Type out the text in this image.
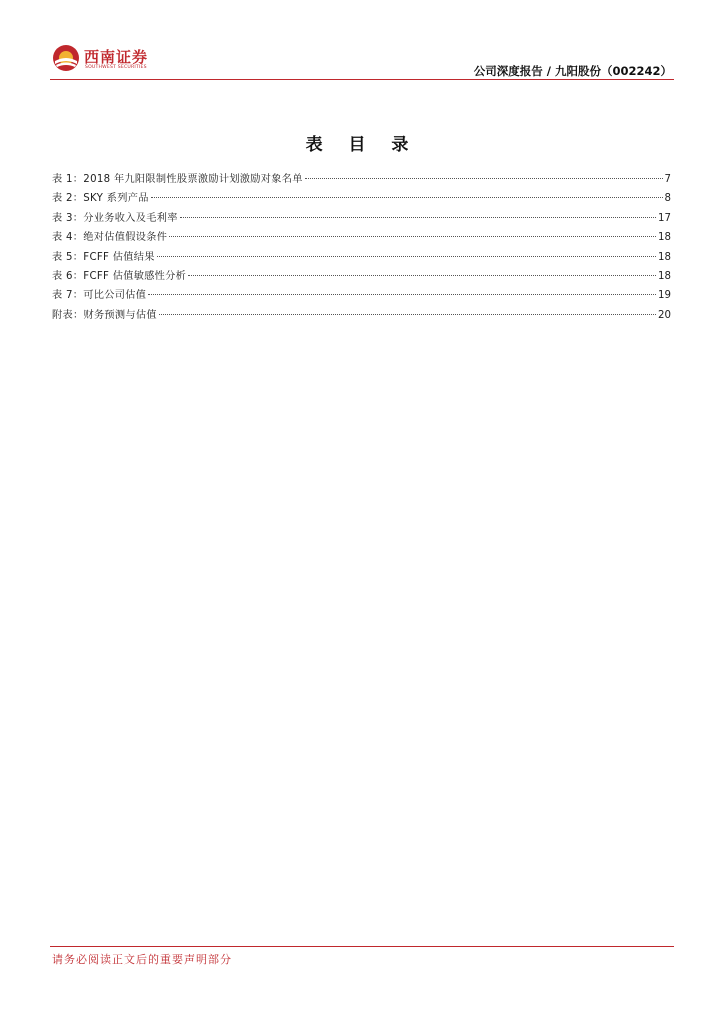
西南证券
SOUTHWEST SECURITIES	公司深度报告 / 九阳股份（002242）
表 目 录
表 1：2018 年九阳限制性股票激励计划激励对象名单	7
表 2：SKY 系列产品	8
表 3：分业务收入及毛利率	17
表 4：绝对估值假设条件	18
表 5：FCFF 估值结果	18
表 6：FCFF 估值敏感性分析	18
表 7：可比公司估值	19
附表：财务预测与估值	20
请务必阅读正文后的重要声明部分
